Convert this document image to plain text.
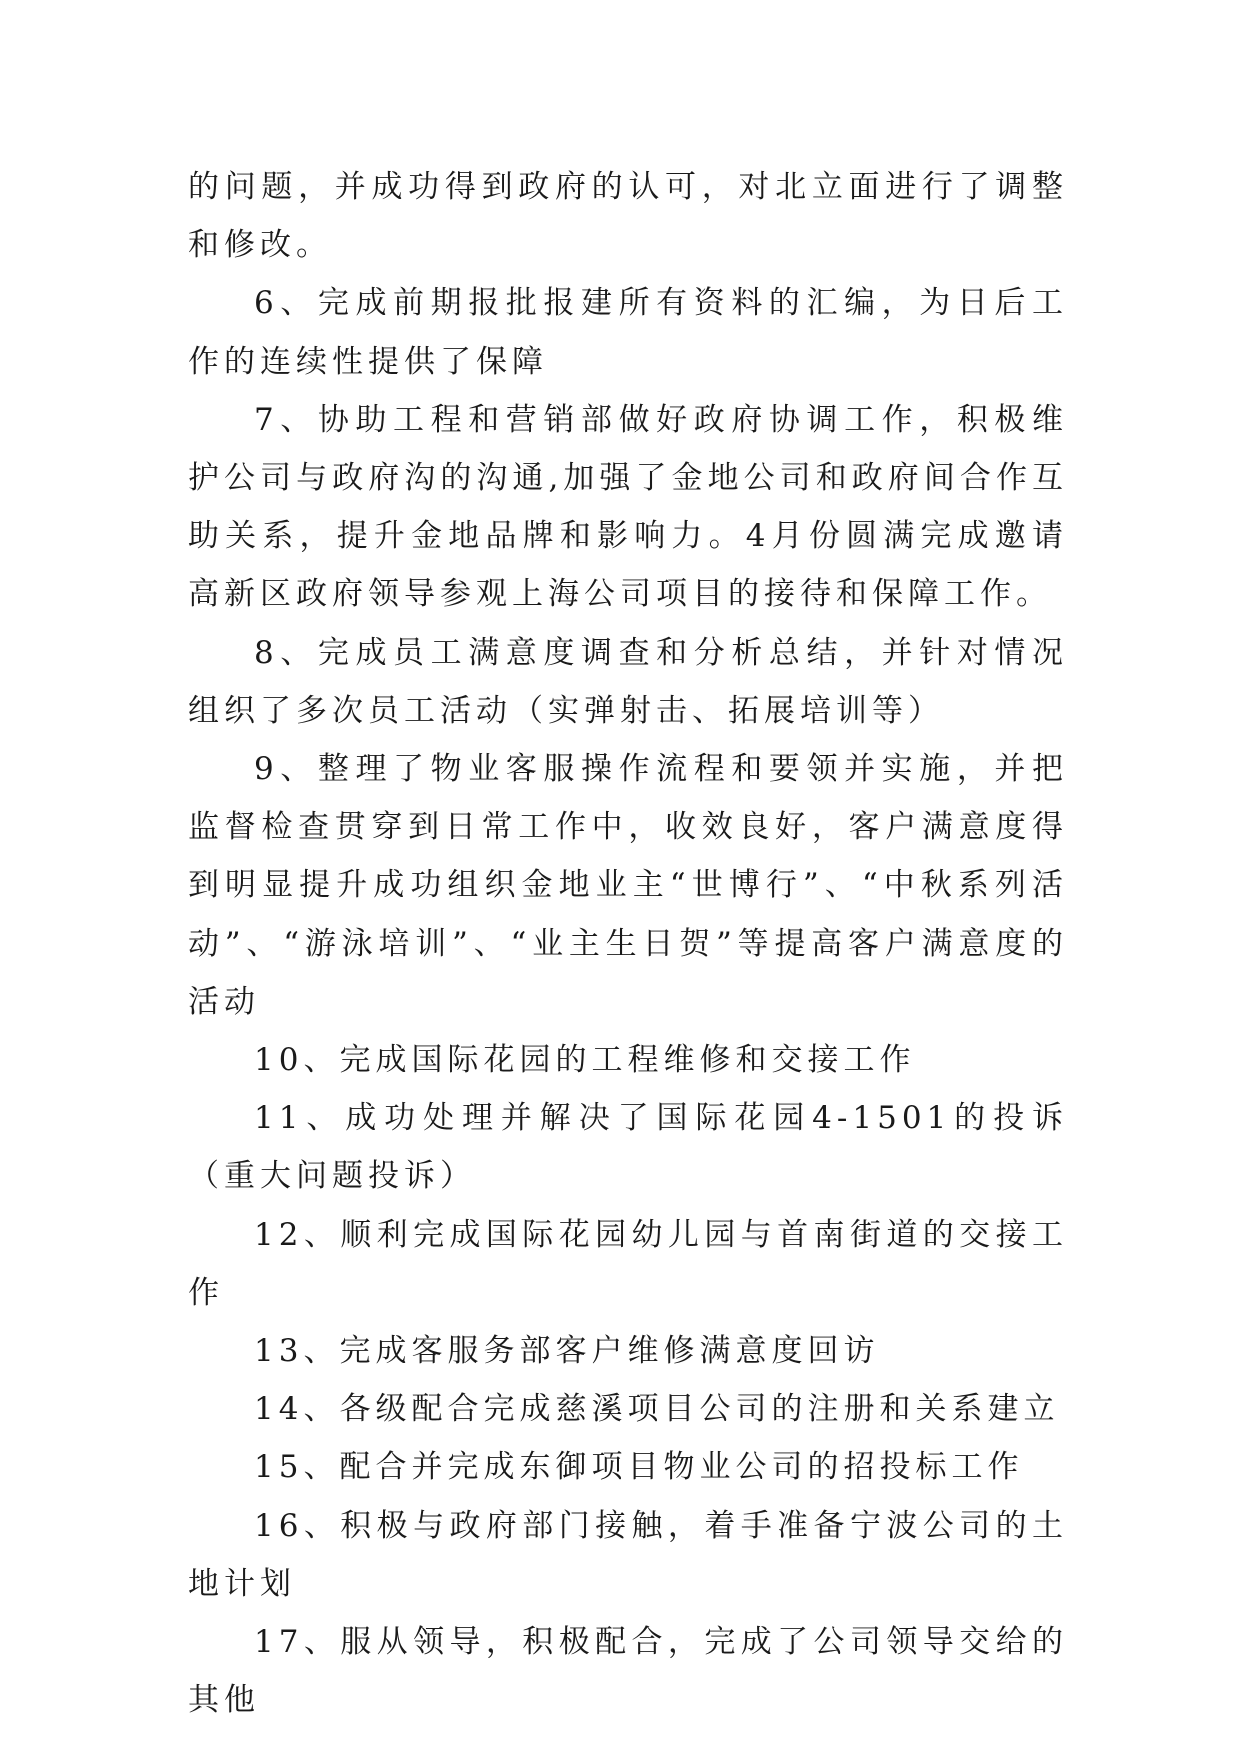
的问题，并成功得到政府的认可，对北立面进行了调整和修改。

6、完成前期报批报建所有资料的汇编，为日后工作的连续性提供了保障

7、协助工程和营销部做好政府协调工作，积极维护公司与政府沟的沟通,加强了金地公司和政府间合作互助关系，提升金地品牌和影响力。4月份圆满完成邀请高新区政府领导参观上海公司项目的接待和保障工作。

8、完成员工满意度调查和分析总结，并针对情况组织了多次员工活动（实弹射击、拓展培训等）

9、整理了物业客服操作流程和要领并实施，并把监督检查贯穿到日常工作中，收效良好，客户满意度得到明显提升成功组织金地业主“世博行”、“中秋系列活动”、“游泳培训”、“业主生日贺”等提高客户满意度的活动

10、完成国际花园的工程维修和交接工作

11、成功处理并解决了国际花园4-1501的投诉（重大问题投诉）

12、顺利完成国际花园幼儿园与首南街道的交接工作

13、完成客服务部客户维修满意度回访

14、各级配合完成慈溪项目公司的注册和关系建立

15、配合并完成东御项目物业公司的招投标工作

16、积极与政府部门接触，着手准备宁波公司的土地计划

17、服从领导，积极配合，完成了公司领导交给的其他
